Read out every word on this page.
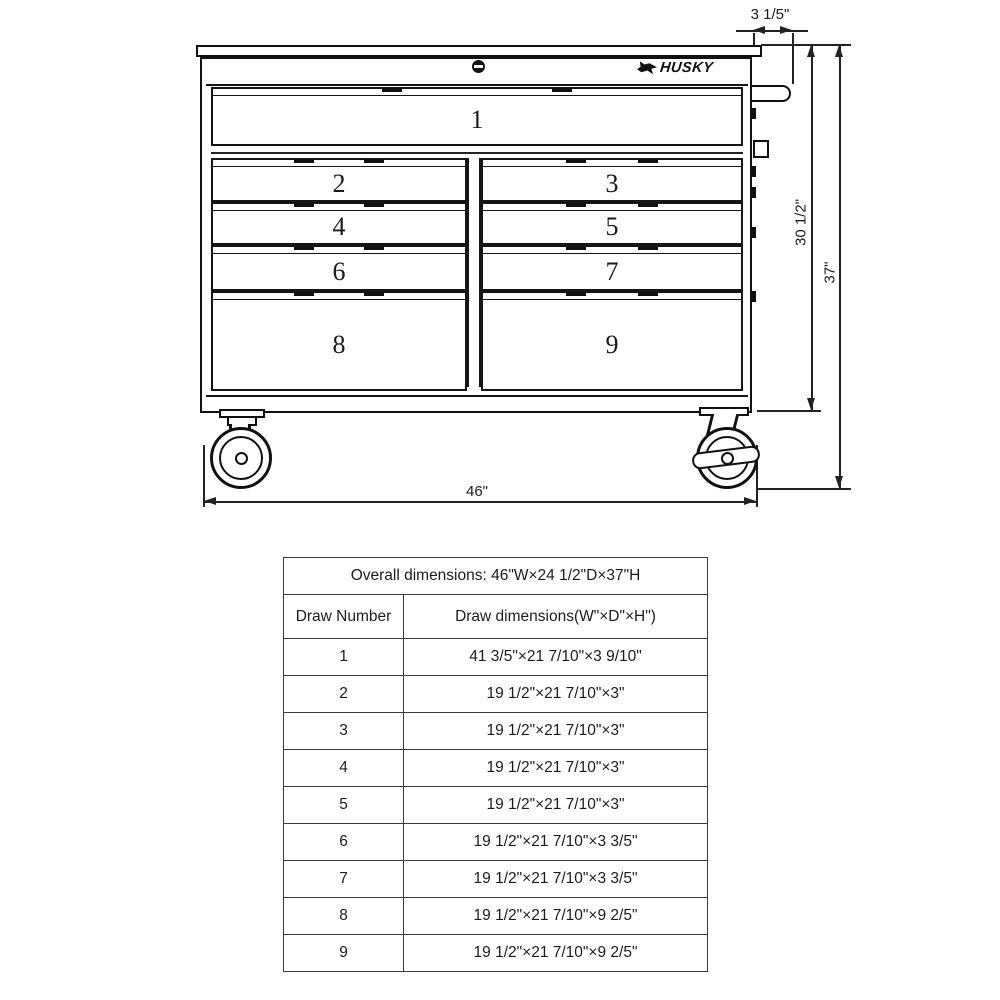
3 1/5"
30 1/2"
37"
46"
HUSKY
1
2	3
4	5
6	7
8	9
Overall dimensions: 46"W×24 1/2"D×37"H	
Draw Number	Draw dimensions(W"×D"×H")
1	41 3/5"×21 7/10"×3 9/10"
2	19 1/2"×21 7/10"×3"
3	19 1/2"×21 7/10"×3"
4	19 1/2"×21 7/10"×3"
5	19 1/2"×21 7/10"×3"
6	19 1/2"×21 7/10"×3 3/5"
7	19 1/2"×21 7/10"×3 3/5"
8	19 1/2"×21 7/10"×9 2/5"
9	19 1/2"×21 7/10"×9 2/5"
